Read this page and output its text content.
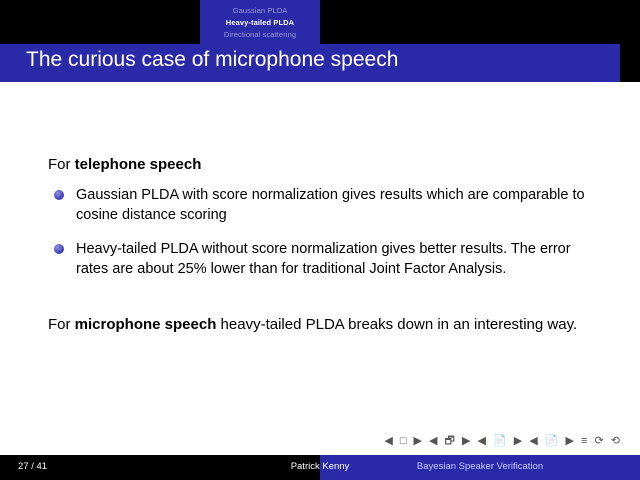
Gaussian PLDA
Heavy-tailed PLDA
Directional scattering
The curious case of microphone speech
For telephone speech
Gaussian PLDA with score normalization gives results which are comparable to cosine distance scoring
Heavy-tailed PLDA without score normalization gives better results. The error rates are about 25% lower than for traditional Joint Factor Analysis.
For microphone speech heavy-tailed PLDA breaks down in an interesting way.
◀ □ ▶ ◀ 🗗 ▶ ◀ 📄 ▶ ◀ 📄 ▶ ≡ ⟳ ⟲
27 / 41	Patrick Kenny	Bayesian Speaker Verification
